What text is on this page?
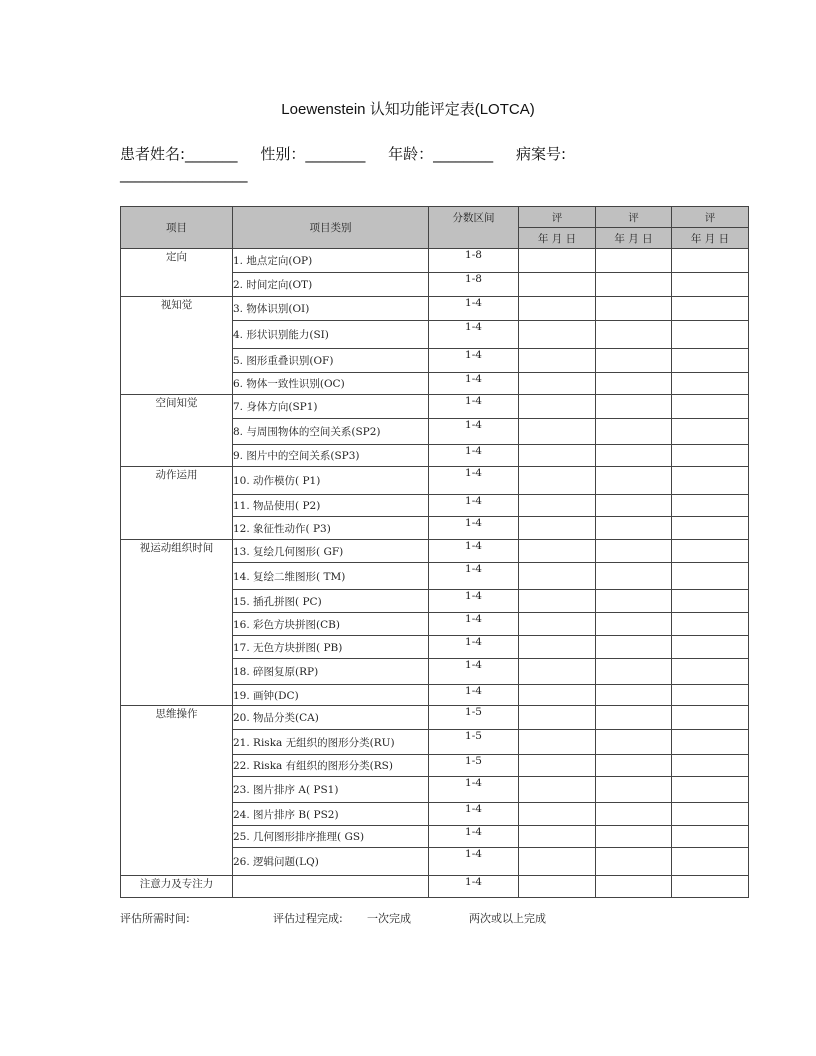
Loewenstein 认知功能评定表(LOTCA)
患者姓名:_______ 性别：________ 年龄：________ 病案号:
_________________
项目	项目类别	分数区间	评	评	评
			年 月 日	年 月 日	年 月 日
定向	1. 地点定向(OP)	1-8			
	2. 时间定向(OT)	1-8			
视知觉	3. 物体识别(OI)	1-4			
	4. 形状识别能力(SI)	1-4			
	5. 图形重叠识别(OF)	1-4			
	6. 物体一致性识别(OC)	1-4			
空间知觉	7. 身体方向(SP1)	1-4			
	8. 与周围物体的空间关系(SP2)	1-4			
	9. 图片中的空间关系(SP3)	1-4			
动作运用	10. 动作模仿( P1)	1-4			
	11. 物品使用( P2)	1-4			
	12. 象征性动作( P3)	1-4			
视运动组织时间	13. 复绘几何图形( GF)	1-4			
	14. 复绘二维图形( TM)	1-4			
	15. 插孔拼图( PC)	1-4			
	16. 彩色方块拼图(CB)	1-4			
	17. 无色方块拼图( PB)	1-4			
	18. 碎图复原(RP)	1-4			
	19. 画钟(DC)	1-4			
思维操作	20. 物品分类(CA)	1-5			
	21. Riska 无组织的图形分类(RU)	1-5			
	22. Riska 有组织的图形分类(RS)	1-5			
	23. 图片排序 A( PS1)	1-4			
	24. 图片排序 B( PS2)	1-4			
	25. 几何图形排序推理( GS)	1-4			
	26. 逻辑问题(LQ)	1-4			
注意力及专注力		1-4			
评估所需时间:	评估过程完成: 一次完成	两次或以上完成
